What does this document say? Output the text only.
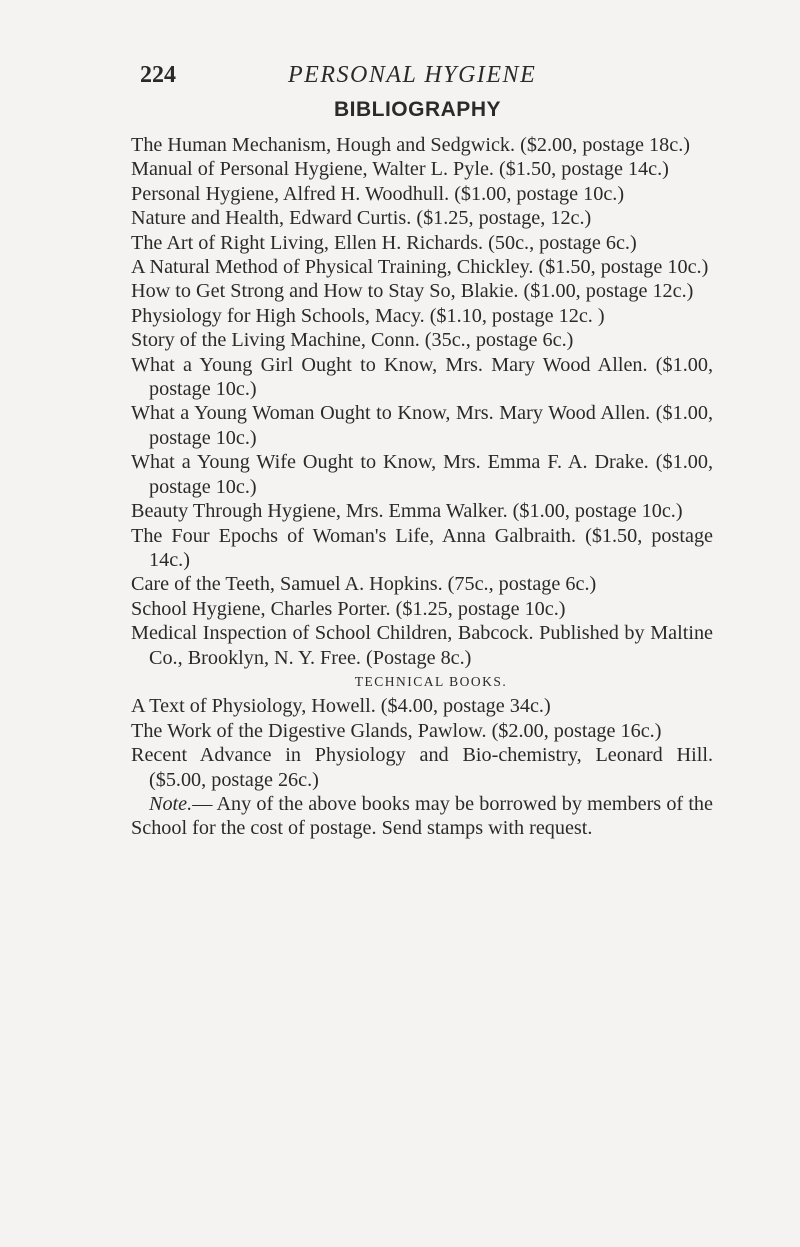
224	PERSONAL HYGIENE
BIBLIOGRAPHY

The Human Mechanism, Hough and Sedgwick. ($2.00, postage 18c.)

Manual of Personal Hygiene, Walter L. Pyle. ($1.50, postage 14c.)

Personal Hygiene, Alfred H. Woodhull. ($1.00, postage 10c.)

Nature and Health, Edward Curtis. ($1.25, postage, 12c.)

The Art of Right Living, Ellen H. Richards. (50c., postage 6c.)

A Natural Method of Physical Training, Chickley. ($1.50, postage 10c.)

How to Get Strong and How to Stay So, Blakie. ($1.00, postage 12c.)

Physiology for High Schools, Macy. ($1.10, postage 12c. )

Story of the Living Machine, Conn. (35c., postage 6c.)

What a Young Girl Ought to Know, Mrs. Mary Wood Allen. ($1.00, postage 10c.)

What a Young Woman Ought to Know, Mrs. Mary Wood Allen. ($1.00, postage 10c.)

What a Young Wife Ought to Know, Mrs. Emma F. A. Drake. ($1.00, postage 10c.)

Beauty Through Hygiene, Mrs. Emma Walker. ($1.00, postage 10c.)

The Four Epochs of Woman's Life, Anna Galbraith. ($1.50, postage 14c.)

Care of the Teeth, Samuel A. Hopkins. (75c., postage 6c.)

School Hygiene, Charles Porter. ($1.25, postage 10c.)

Medical Inspection of School Children, Babcock. Published by Maltine Co., Brooklyn, N. Y. Free. (Postage 8c.)

TECHNICAL BOOKS.

A Text of Physiology, Howell. ($4.00, postage 34c.)

The Work of the Digestive Glands, Pawlow. ($2.00, postage 16c.)

Recent Advance in Physiology and Bio-chemistry, Leonard Hill. ($5.00, postage 26c.)

Note.— Any of the above books may be borrowed by members of the School for the cost of postage. Send stamps with request.
